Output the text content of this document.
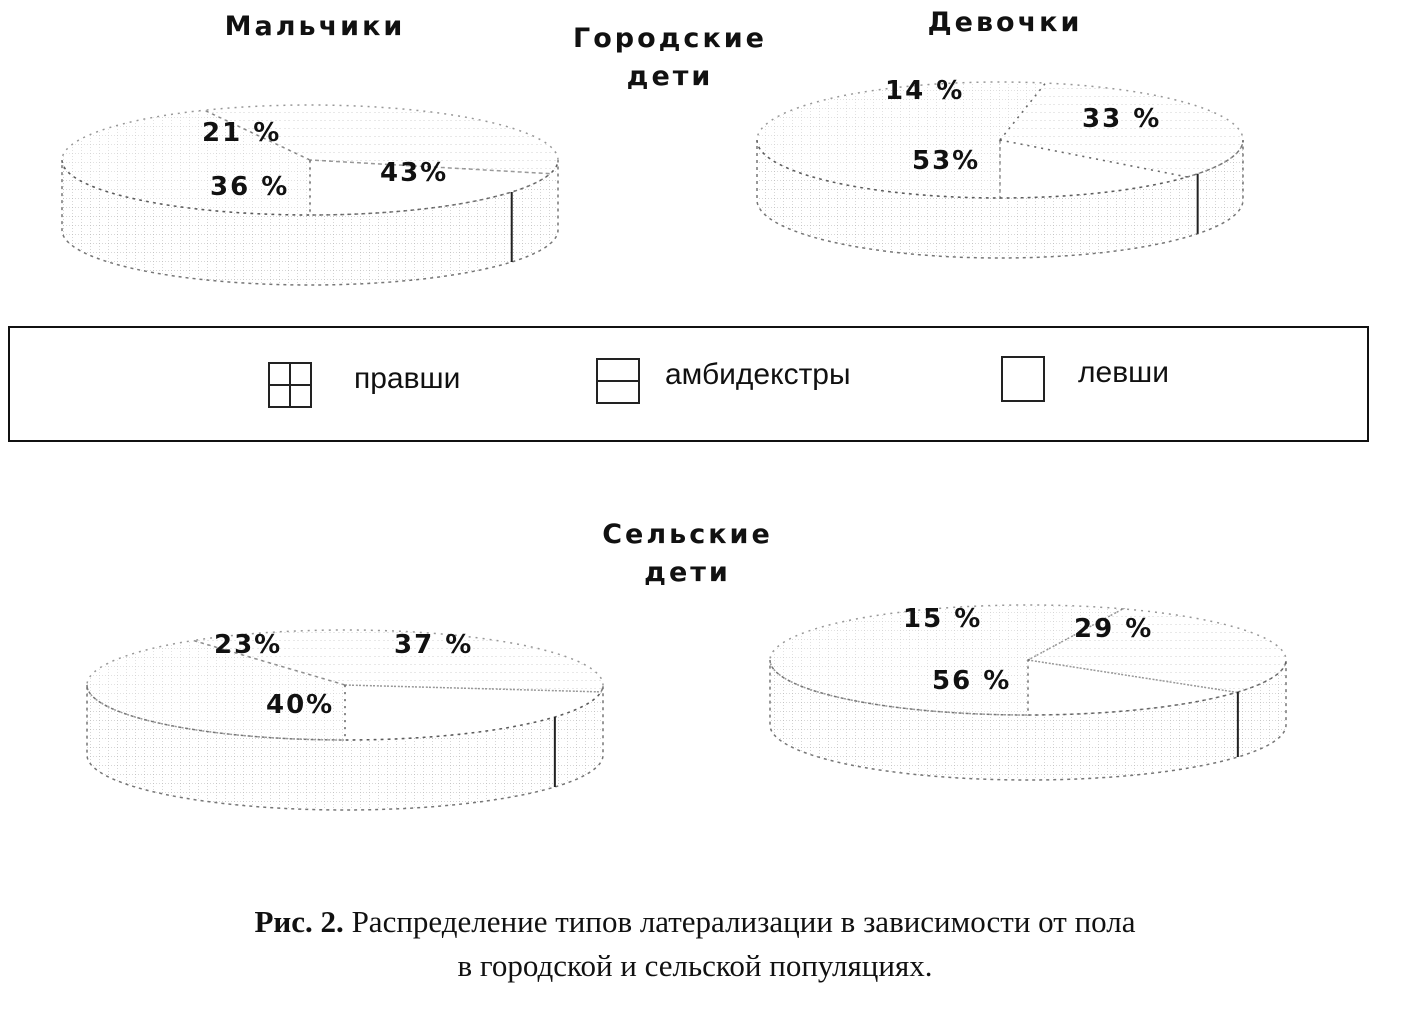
Мальчики	Девочки
Городские
дети
Сельские
дети
21 %
36 %	43%
14 %
33 %
53%
23%	37 %
40%
15 %	29 %
56 %
правши	амбидекстры	левши
Рис. 2. Распределение типов латерализации в зависимости от пола
в городской и сельской популяциях.
